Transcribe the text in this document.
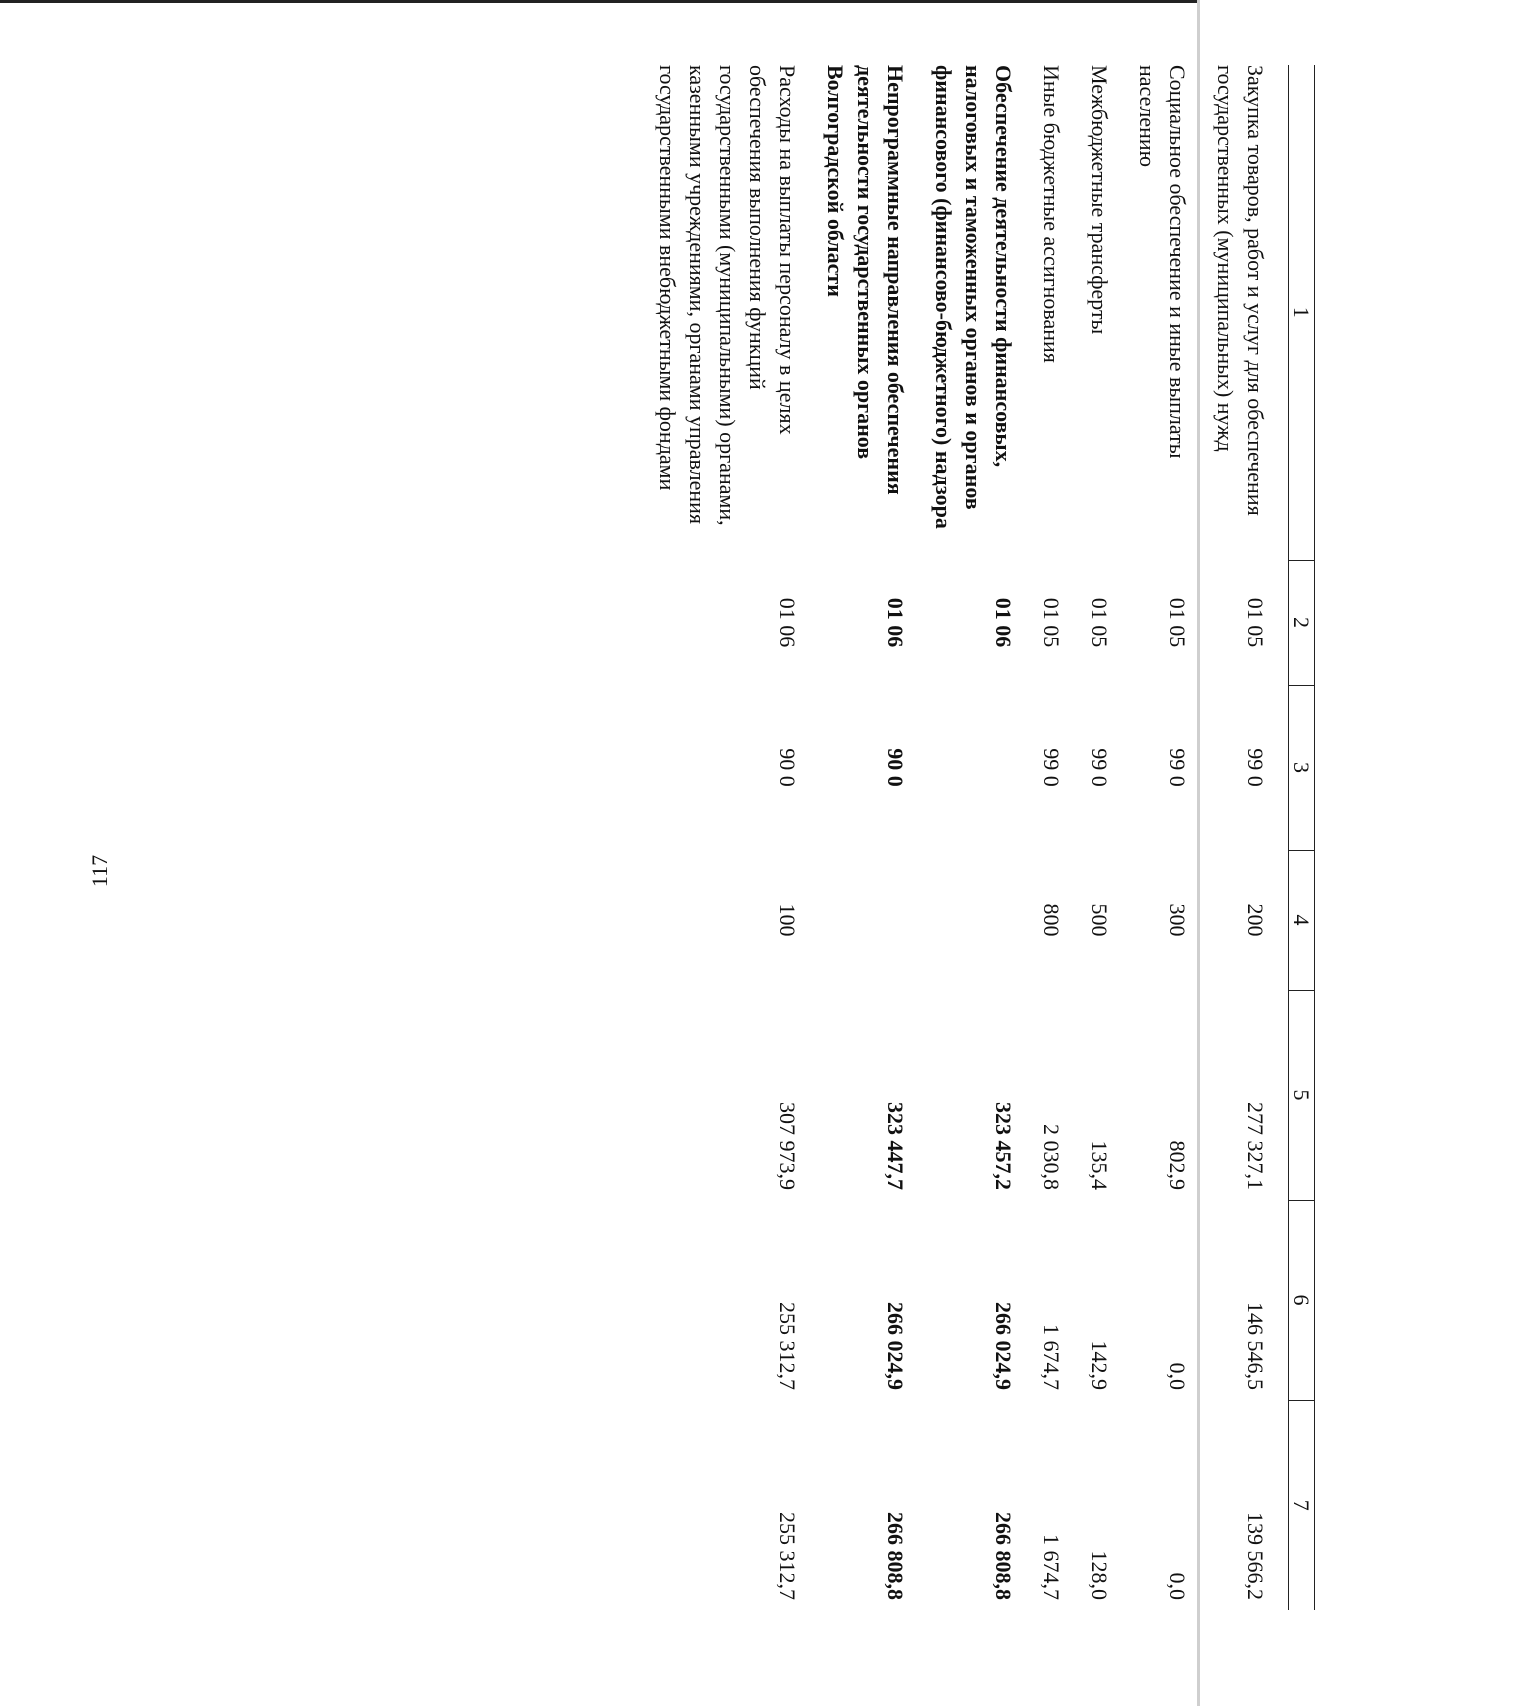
117
1	2	3	4	5	6	7
Закупка товаров, работ и услуг для обеспечения государственных (муниципальных) нужд	01 05	99 0	200	277 327,1	146 546,5	139 566,2
Социальное обеспечение и иные выплаты населению	01 05	99 0	300	802,9	0,0	0,0
Межбюджетные трансферты	01 05	99 0	500	135,4	142,9	128,0
Иные бюджетные ассигнования	01 05	99 0	800	2 030,8	1 674,7	1 674,7
Обеспечение деятельности финансовых, налоговых и таможенных органов и органов финансового (финансово-бюджетного) надзора	01 06			323 457,2	266 024,9	266 808,8
Непрограммные направления обеспечения деятельности государственных органов Волгоградской области	01 06	90 0		323 447,7	266 024,9	266 808,8
Расходы на выплаты персоналу в целях обеспечения выполнения функций государственными (муниципальными) органами, казенными учреждениями, органами управления государственными внебюджетными фондами	01 06	90 0	100	307 973,9	255 312,7	255 312,7
